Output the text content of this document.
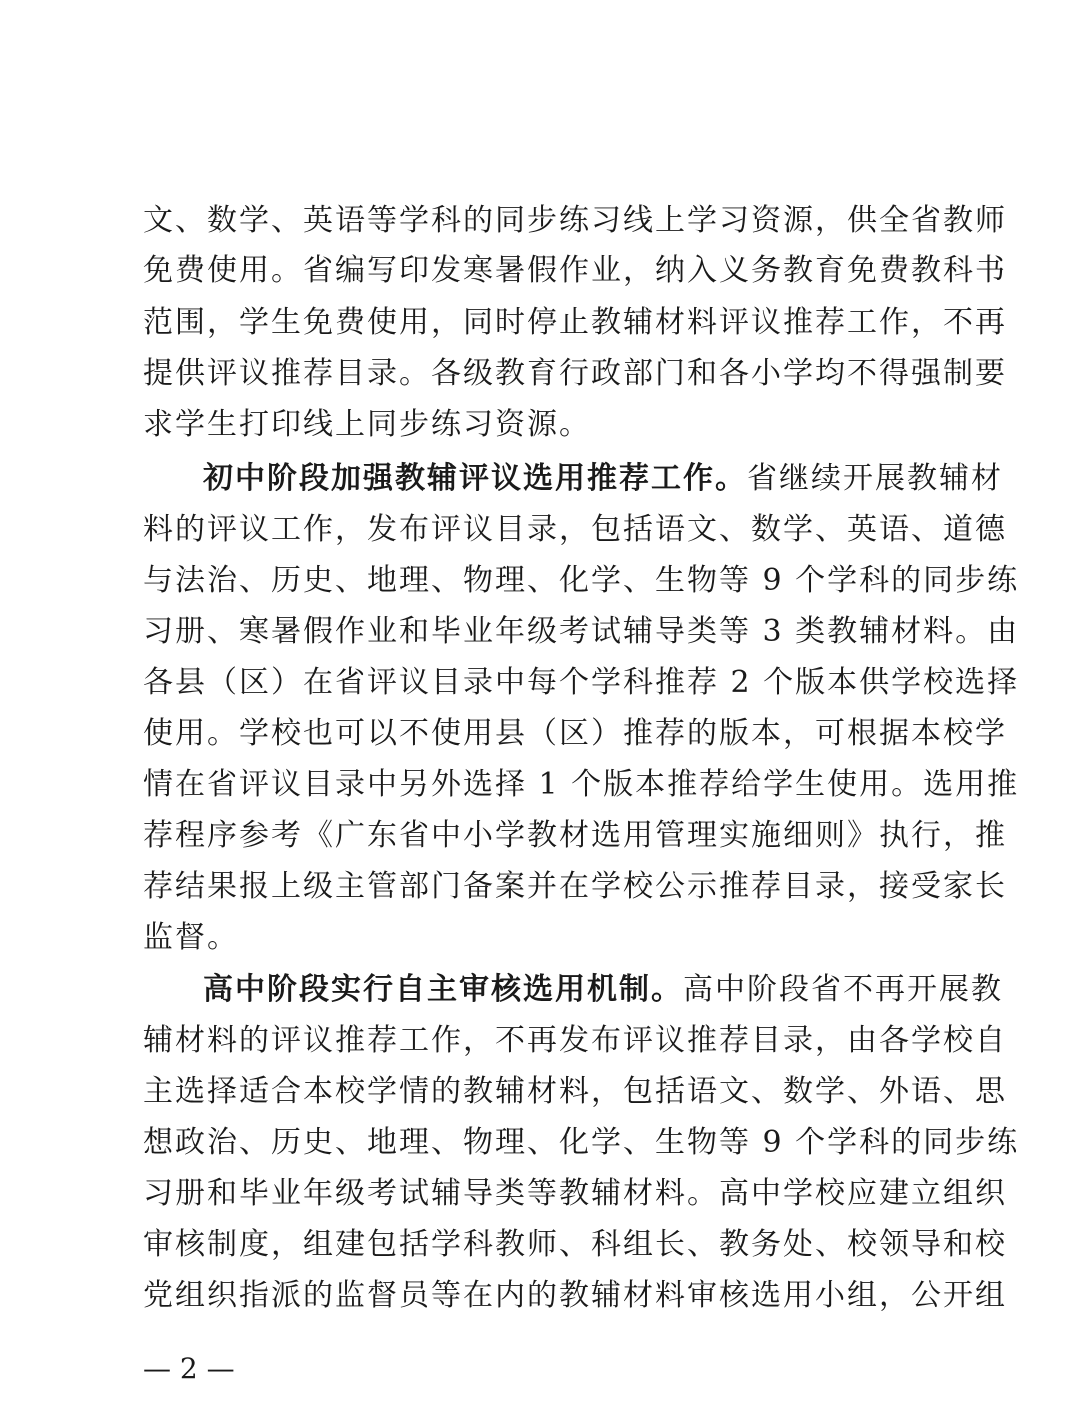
文、数学、英语等学科的同步练习线上学习资源，供全省教师
免费使用。省编写印发寒暑假作业，纳入义务教育免费教科书
范围，学生免费使用，同时停止教辅材料评议推荐工作，不再
提供评议推荐目录。各级教育行政部门和各小学均不得强制要
求学生打印线上同步练习资源。
初中阶段加强教辅评议选用推荐工作。省继续开展教辅材
料的评议工作，发布评议目录，包括语文、数学、英语、道德
与法治、历史、地理、物理、化学、生物等 9 个学科的同步练
习册、寒暑假作业和毕业年级考试辅导类等 3 类教辅材料。由
各县（区）在省评议目录中每个学科推荐 2 个版本供学校选择
使用。学校也可以不使用县（区）推荐的版本，可根据本校学
情在省评议目录中另外选择 1 个版本推荐给学生使用。选用推
荐程序参考《广东省中小学教材选用管理实施细则》执行，推
荐结果报上级主管部门备案并在学校公示推荐目录，接受家长
监督。
高中阶段实行自主审核选用机制。高中阶段省不再开展教
辅材料的评议推荐工作，不再发布评议推荐目录，由各学校自
主选择适合本校学情的教辅材料，包括语文、数学、外语、思
想政治、历史、地理、物理、化学、生物等 9 个学科的同步练
习册和毕业年级考试辅导类等教辅材料。高中学校应建立组织
审核制度，组建包括学科教师、科组长、教务处、校领导和校
党组织指派的监督员等在内的教辅材料审核选用小组，公开组
— 2 —
